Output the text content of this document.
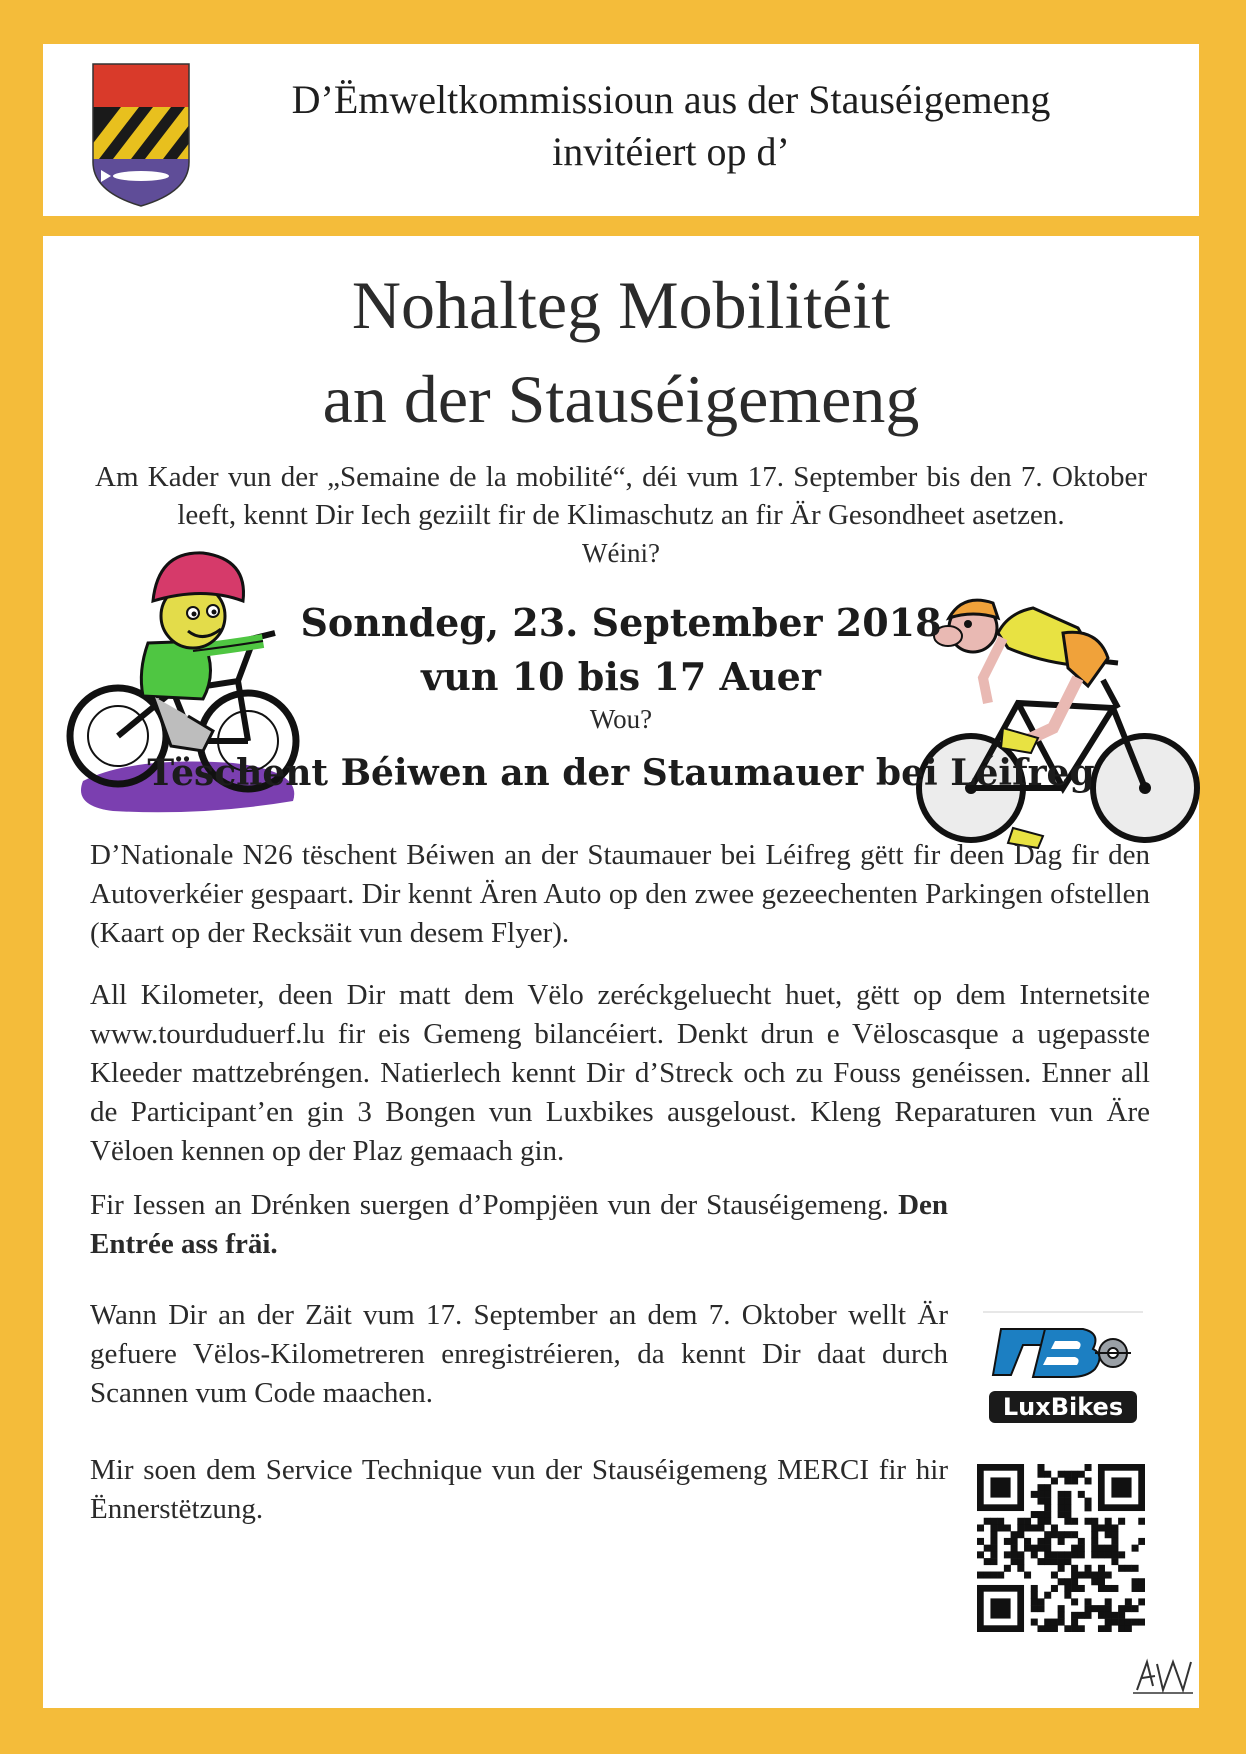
D’Ëmweltkommissioun aus der Stauséigemeng
invitéiert op d’
Nohalteg Mobilitéit
an der Stauséigemeng

Am Kader vun der „Semaine de la mobilité“, déi vum 17. September bis den 7. Oktober leeft, kennt Dir Iech geziilt fir de Klimaschutz an fir Är Gesondheet asetzen.

Wéini?
Sonndeg, 23. September 2018
vun 10 bis 17 Auer
Wou?
Tëschent Béiwen an der Staumauer bei Léifreg

D’Nationale N26 tëschent Béiwen an der Staumauer bei Léifreg gëtt fir deen Dag fir den Autoverkéier gespaart. Dir kennt Ären Auto op den zwee gezeechenten Parkingen ofstellen (Kaart op der Recksäit vun desem Flyer).

All Kilometer, deen Dir matt dem Vëlo zeréckgeluecht huet, gëtt op dem Internetsite www.tourduduerf.lu fir eis Gemeng bilancéiert. Denkt drun e Vëloscasque a ugepasste Kleeder mattzebréngen. Natierlech kennt Dir d’Streck och zu Fouss genéissen. Enner all de Participant’en gin 3 Bongen vun Luxbikes ausgeloust. Kleng Reparaturen vun Äre Vëloen kennen op der Plaz gemaach gin.

Fir Iessen an Drénken suergen d’Pompjëen vun der Stauséigemeng. Den Entrée ass fräi.

Wann Dir an der Zäit vum 17. September an dem 7. Oktober wellt Är gefuere Vëlos-Kilometreren enregistréieren, da kennt Dir daat durch Scannen vum Code maachen.

Mir soen dem Service Technique vun der Stauséigemeng MERCI fir hir Ënnerstëtzung.

LuxBikes
